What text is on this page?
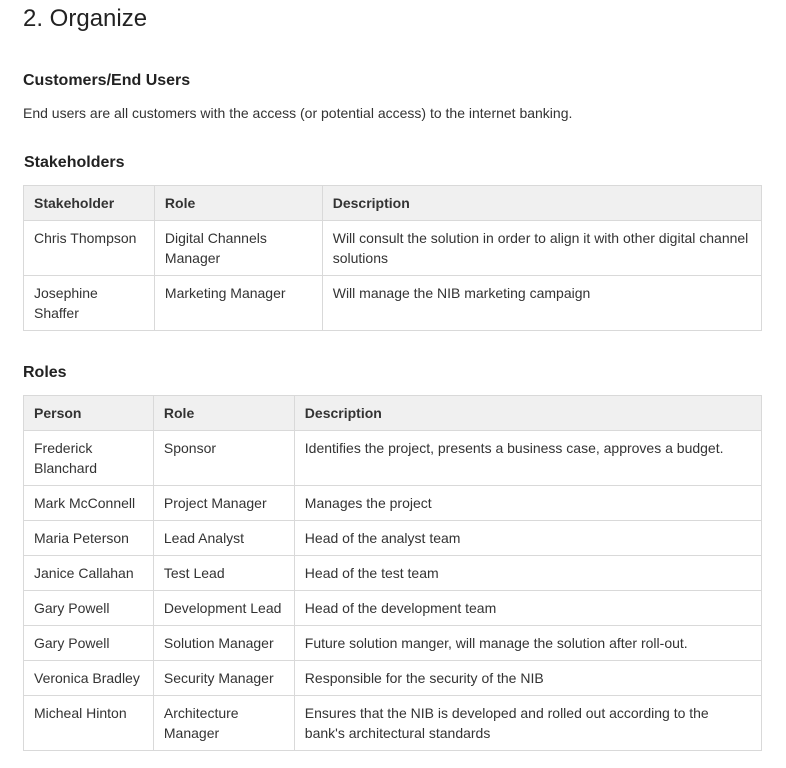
2. Organize
Customers/End Users

End users are all customers with the access (or potential access) to the internet banking.

Stakeholders
Stakeholder	Role	Description
Chris Thompson	Digital Channels Manager	Will consult the solution in order to align it with other digital channel solutions
Josephine Shaffer	Marketing Manager	Will manage the NIB marketing campaign
Roles
Person	Role	Description
Frederick Blanchard	Sponsor	Identifies the project, presents a business case, approves a budget.
Mark McConnell	Project Manager	Manages the project
Maria Peterson	Lead Analyst	Head of the analyst team
Janice Callahan	Test Lead	Head of the test team
Gary Powell	Development Lead	Head of the development team
Gary Powell	Solution Manager	Future solution manger, will manage the solution after roll-out.
Veronica Bradley	Security Manager	Responsible for the security of the NIB
Micheal Hinton	Architecture Manager	Ensures that the NIB is developed and rolled out according to the bank's architectural standards
